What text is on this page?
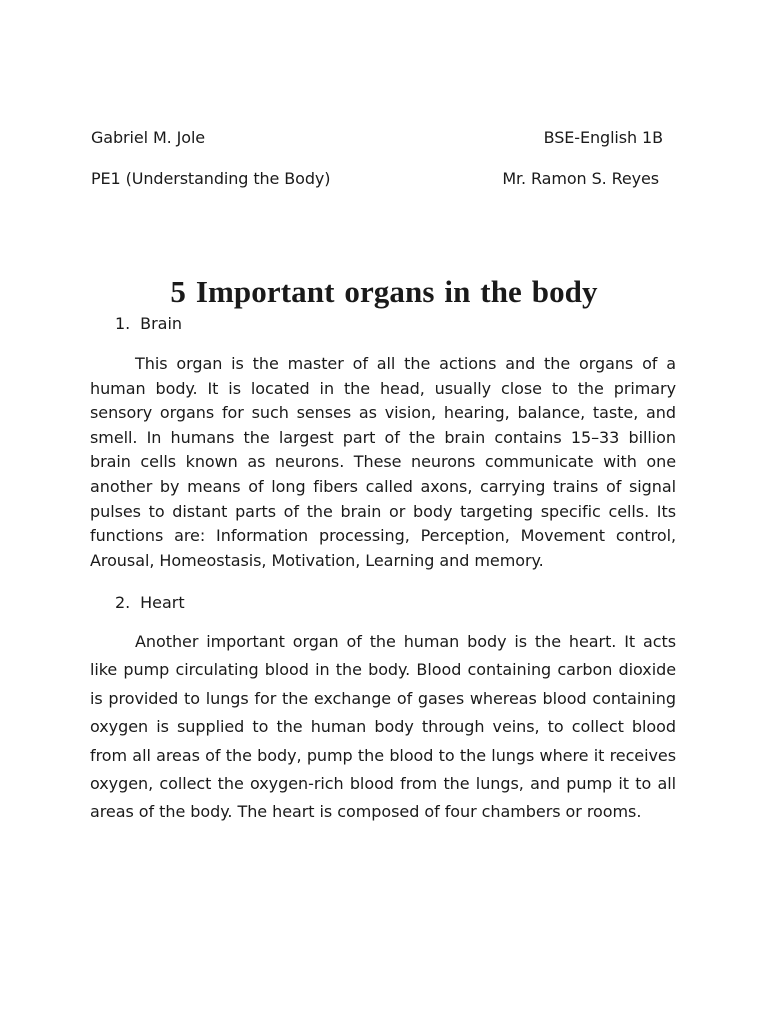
Gabriel M. Jole	BSE-English 1B
PE1 (Understanding the Body)	Mr. Ramon S. Reyes
5 Important organs in the body
1. Brain

This organ is the master of all the actions and the organs of a human body. It is located in the head, usually close to the primary sensory organs for such senses as vision, hearing, balance, taste, and smell. In humans the largest part of the brain contains 15–33 billion brain cells known as neurons. These neurons communicate with one another by means of long fibers called axons, carrying trains of signal pulses to distant parts of the brain or body targeting specific cells. Its functions are: Information processing, Perception, Movement control, Arousal, Homeostasis, Motivation, Learning and memory.

2. Heart

Another important organ of the human body is the heart. It acts like pump circulating blood in the body. Blood containing carbon dioxide is provided to lungs for the exchange of gases whereas blood containing oxygen is supplied to the human body through veins, to collect blood from all areas of the body, pump the blood to the lungs where it receives oxygen, collect the oxygen-rich blood from the lungs, and pump it to all areas of the body. The heart is composed of four chambers or rooms.
